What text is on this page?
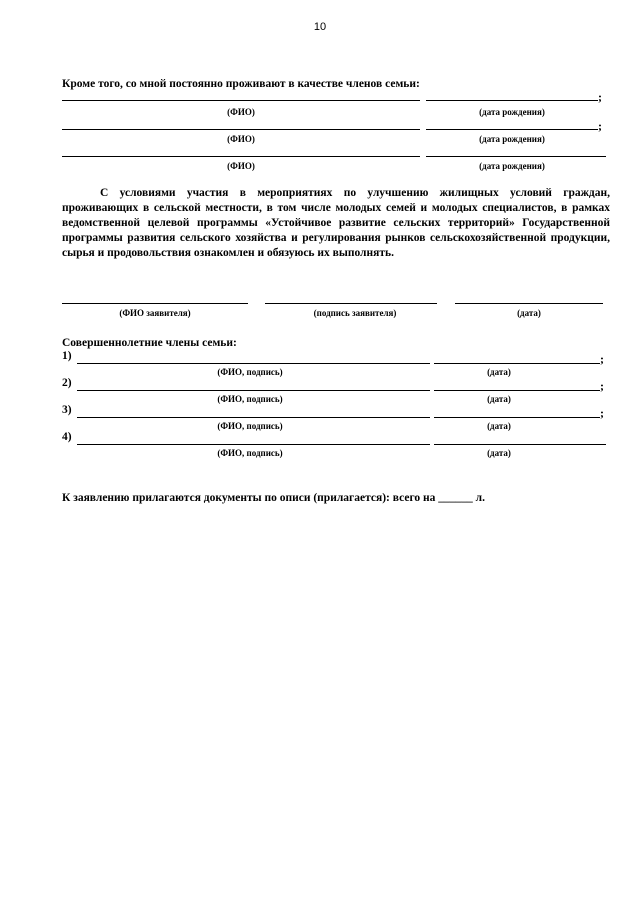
10
Кроме того, со мной постоянно проживают в качестве членов семьи:
;
(ФИО)	(дата рождения)
;
(ФИО)	(дата рождения)
(ФИО)	(дата рождения)
С условиями участия в мероприятиях по улучшению жилищных условий граждан, проживающих в сельской местности, в том числе молодых семей и молодых специалистов, в рамках ведомственной целевой программы «Устойчивое развитие сельских территорий» Государственной программы развития сельского хозяйства и регулирования рынков сельскохозяйственной продукции, сырья и продовольствия ознакомлен и обязуюсь их выполнять.
(ФИО заявителя)	(подпись заявителя)	(дата)
Совершеннолетние члены семьи:
1)	;
(ФИО, подпись)	(дата)
2)	;
(ФИО, подпись)	(дата)
3)	;
(ФИО, подпись)	(дата)
4)
(ФИО, подпись)	(дата)
К заявлению прилагаются документы по описи (прилагается): всего на ______ л.
